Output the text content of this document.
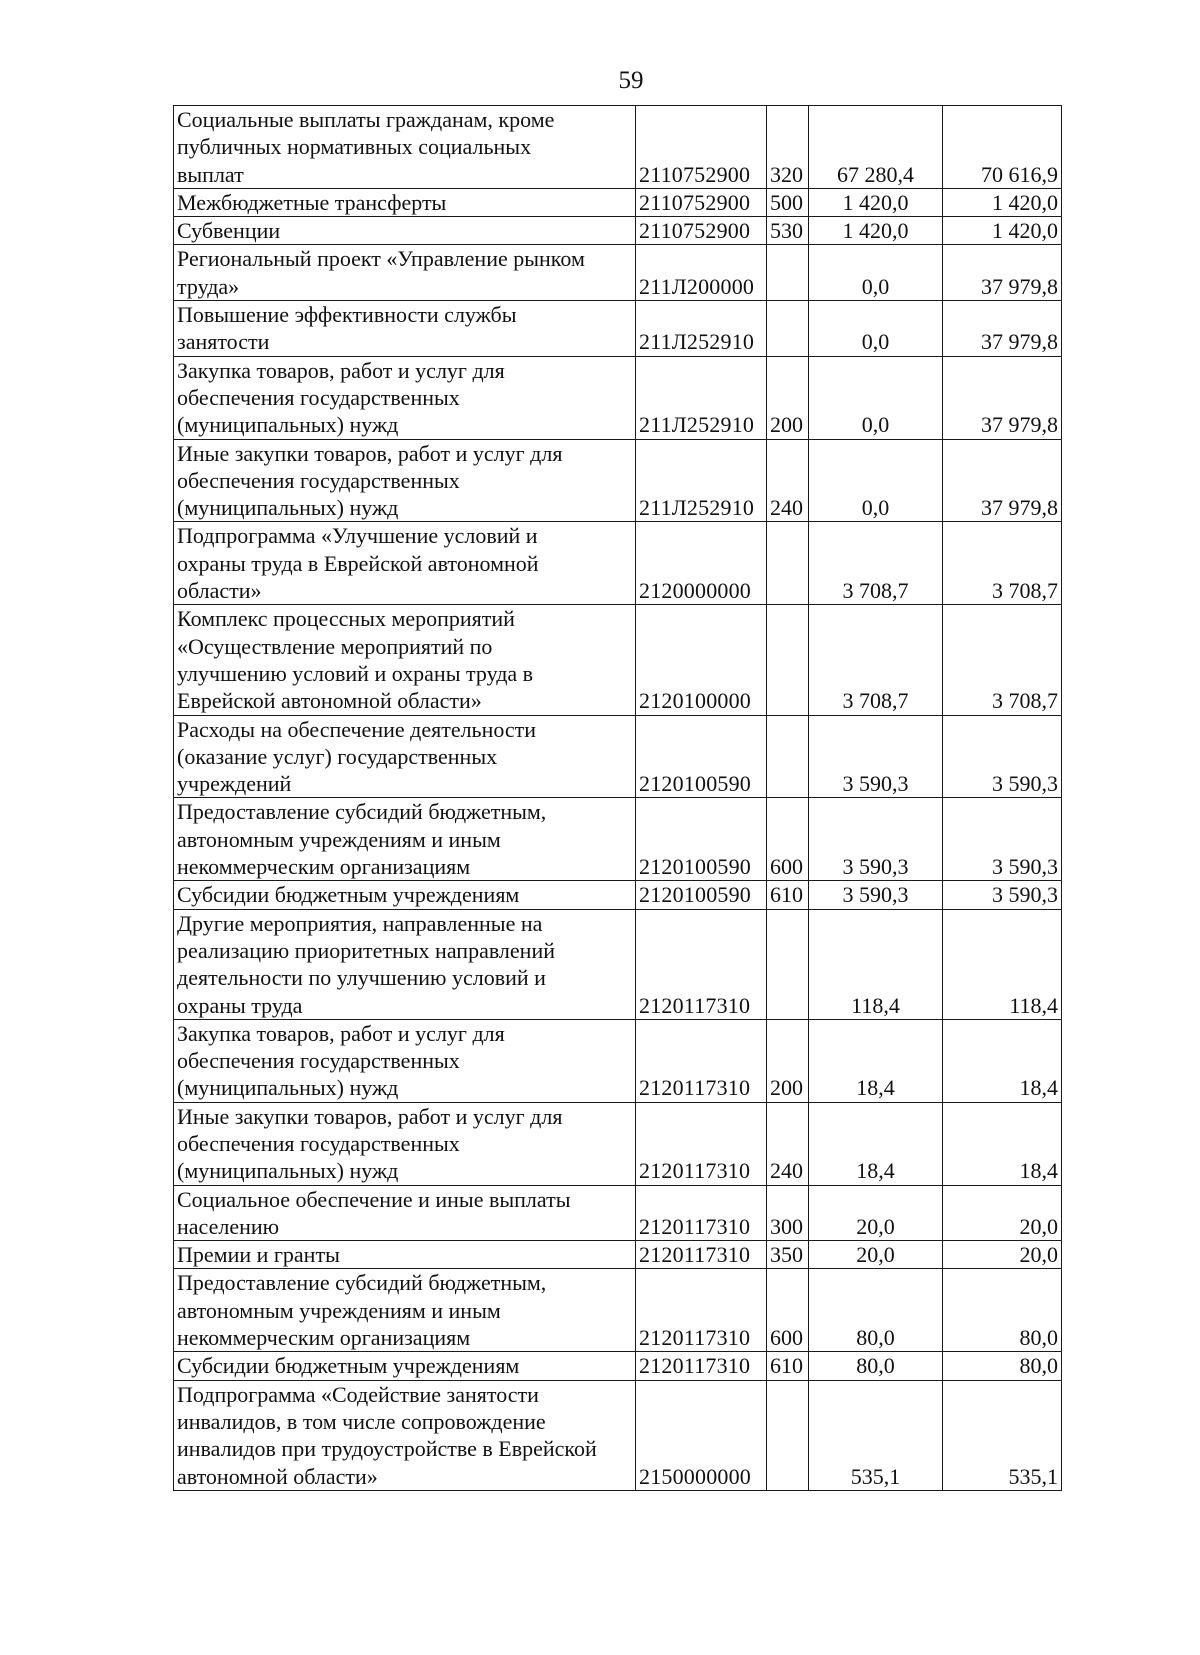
59
Социальные выплаты гражданам, кроме
публичных нормативных социальных
выплат	2110752900	320	67 280,4	70 616,9
Межбюджетные трансферты	2110752900	500	1 420,0	1 420,0
Субвенции	2110752900	530	1 420,0	1 420,0
Региональный проект «Управление рынком
труда»	211Л200000		0,0	37 979,8
Повышение эффективности службы
занятости	211Л252910		0,0	37 979,8
Закупка товаров, работ и услуг для
обеспечения государственных
(муниципальных) нужд	211Л252910	200	0,0	37 979,8
Иные закупки товаров, работ и услуг для
обеспечения государственных
(муниципальных) нужд	211Л252910	240	0,0	37 979,8
Подпрограмма «Улучшение условий и
охраны труда в Еврейской автономной
области»	2120000000		3 708,7	3 708,7
Комплекс процессных мероприятий
«Осуществление мероприятий по
улучшению условий и охраны труда в
Еврейской автономной области»	2120100000		3 708,7	3 708,7
Расходы на обеспечение деятельности
(оказание услуг) государственных
учреждений	2120100590		3 590,3	3 590,3
Предоставление субсидий бюджетным,
автономным учреждениям и иным
некоммерческим организациям	2120100590	600	3 590,3	3 590,3
Субсидии бюджетным учреждениям	2120100590	610	3 590,3	3 590,3
Другие мероприятия, направленные на
реализацию приоритетных направлений
деятельности по улучшению условий и
охраны труда	2120117310		118,4	118,4
Закупка товаров, работ и услуг для
обеспечения государственных
(муниципальных) нужд	2120117310	200	18,4	18,4
Иные закупки товаров, работ и услуг для
обеспечения государственных
(муниципальных) нужд	2120117310	240	18,4	18,4
Социальное обеспечение и иные выплаты
населению	2120117310	300	20,0	20,0
Премии и гранты	2120117310	350	20,0	20,0
Предоставление субсидий бюджетным,
автономным учреждениям и иным
некоммерческим организациям	2120117310	600	80,0	80,0
Субсидии бюджетным учреждениям	2120117310	610	80,0	80,0
Подпрограмма «Содействие занятости
инвалидов, в том числе сопровождение
инвалидов при трудоустройстве в Еврейской
автономной области»	2150000000		535,1	535,1
